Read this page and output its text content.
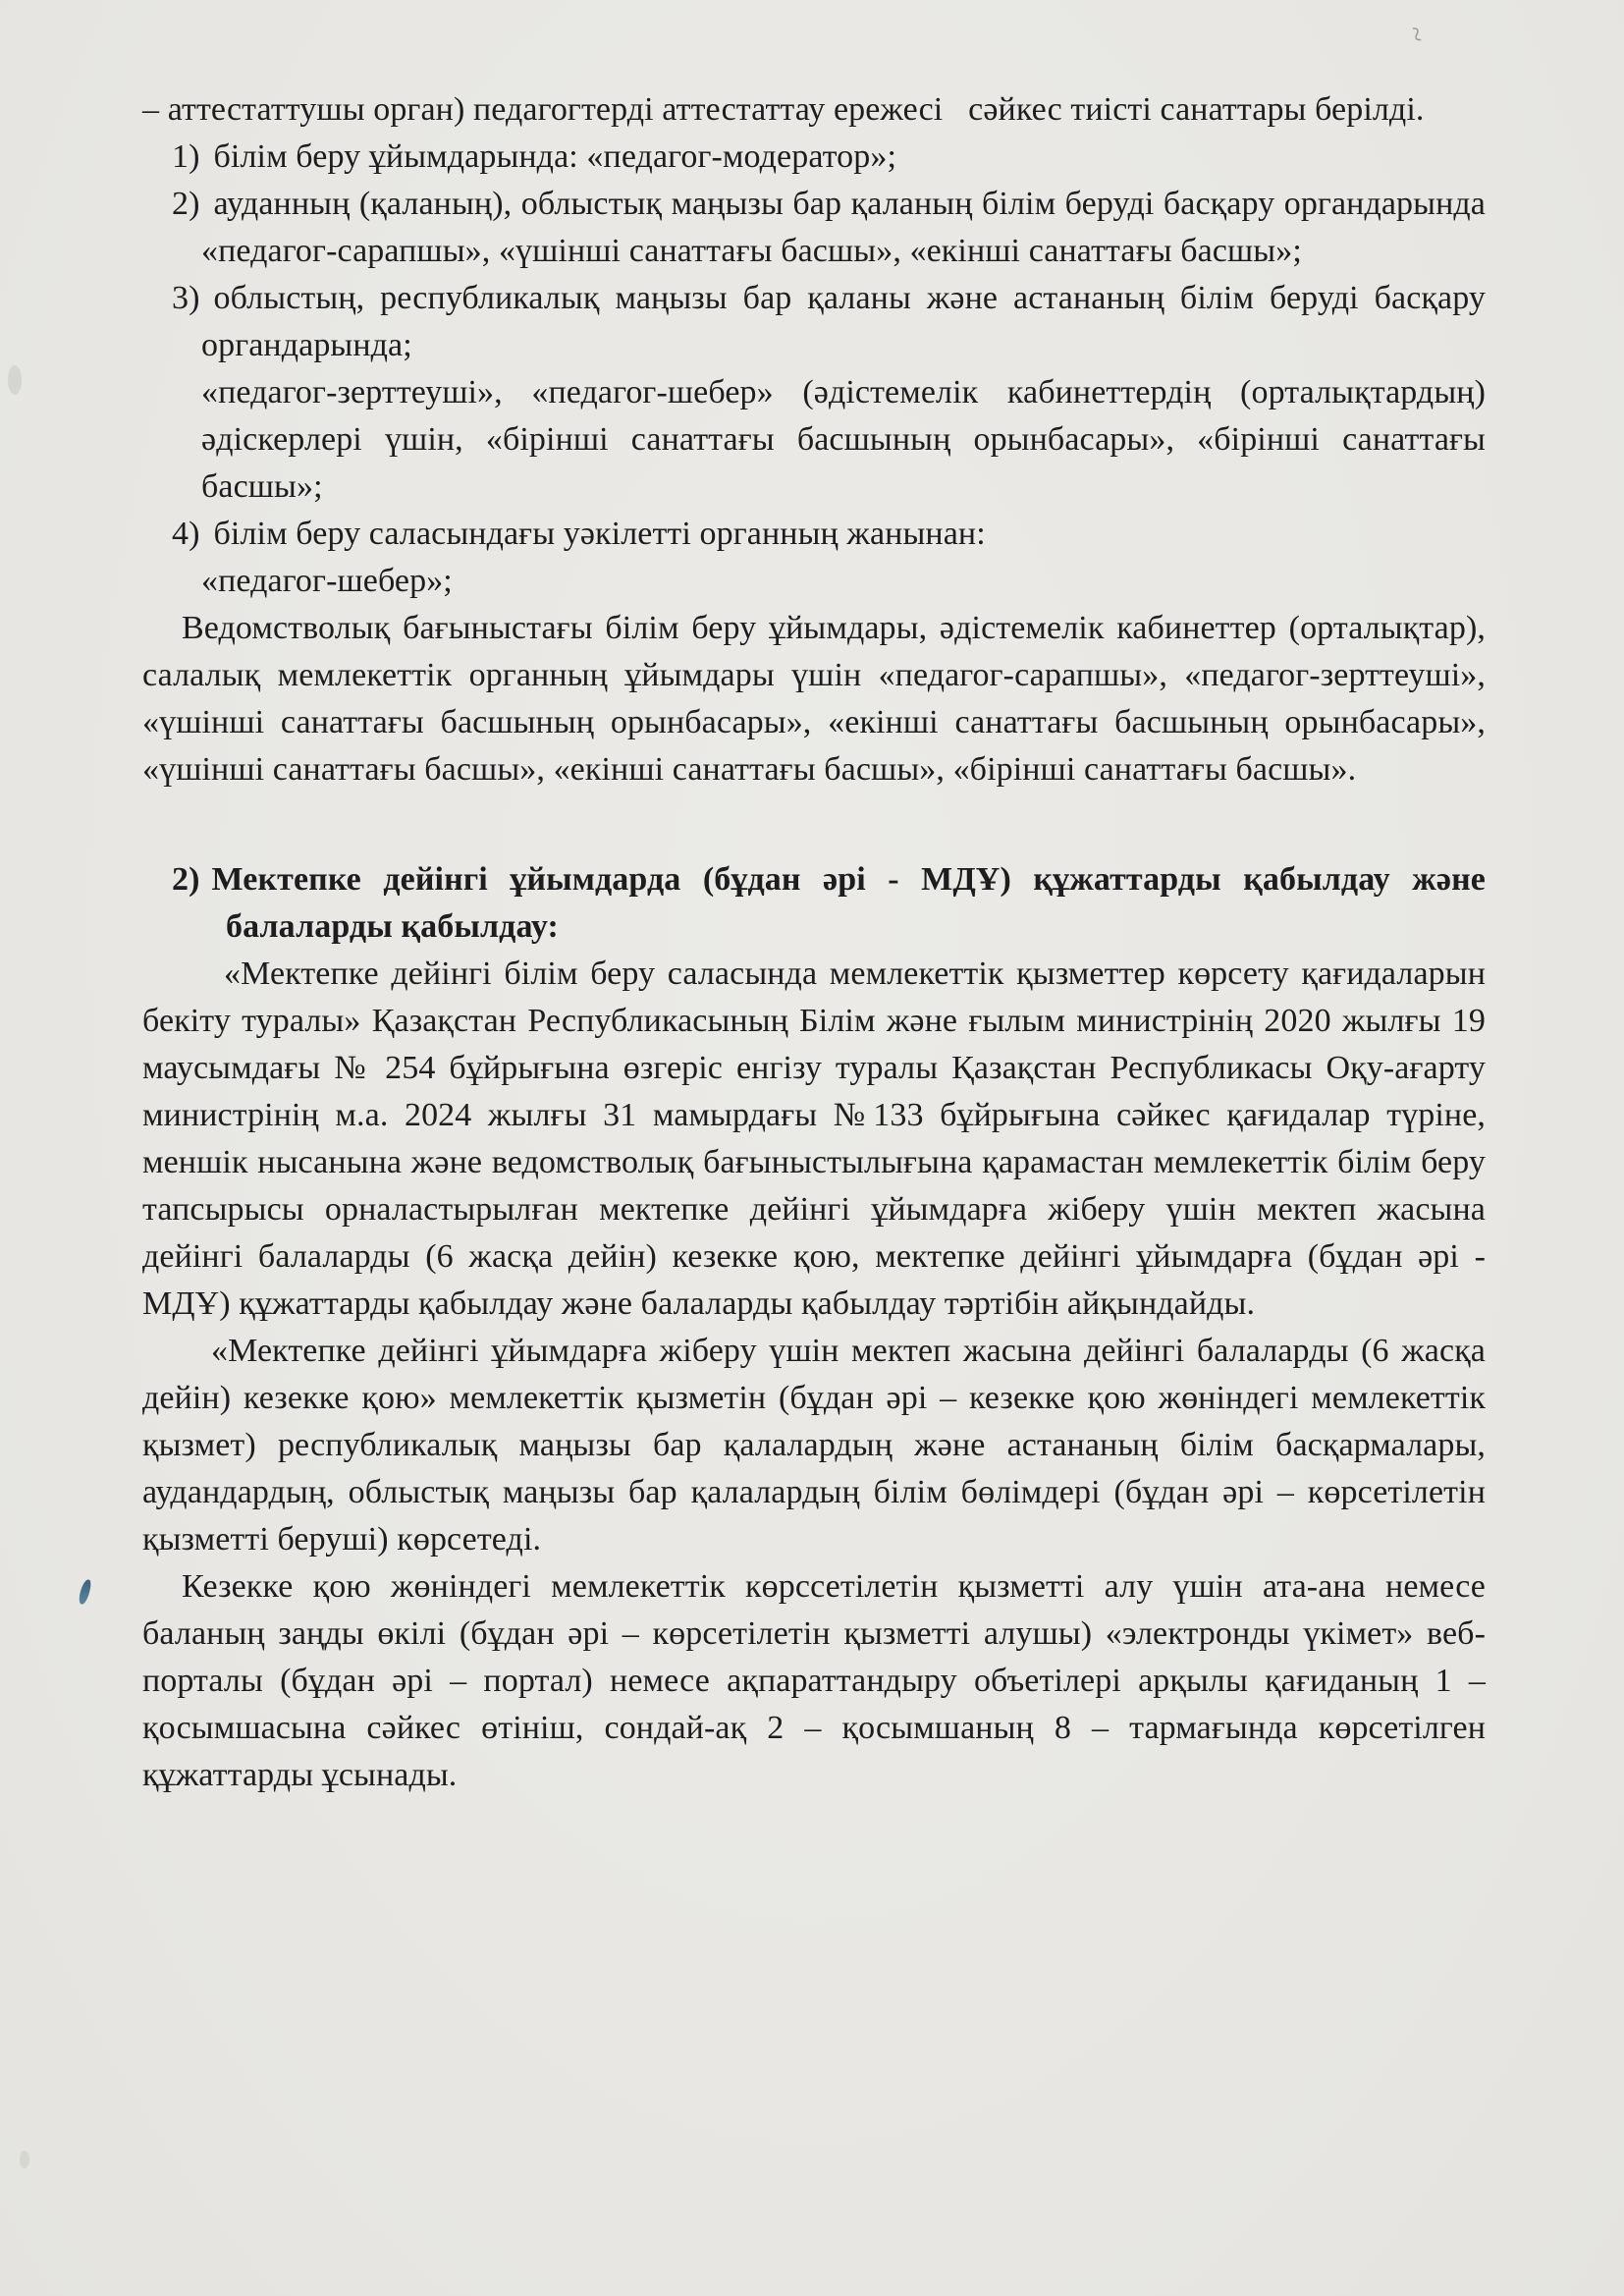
~

– аттестаттушы орган) педагогтерді аттестаттау ережесі   сәйкес тиісті санаттары берілді.

1) білім беру ұйымдарында: «педагог-модератор»;
2) ауданның (қаланың), облыстық маңызы бар қаланың білім беруді басқару органдарында «педагог-сарапшы», «үшінші санаттағы басшы», «екінші санаттағы басшы»;
3) облыстың, республикалық маңызы бар қаланы және астананың білім беруді басқару органдарында;
«педагог-зерттеуші», «педагог-шебер» (әдістемелік кабинеттердің (орталықтардың) әдіскерлері үшін, «бірінші санаттағы басшының орынбасары», «бірінші санаттағы басшы»;
4) білім беру саласындағы уәкілетті органның жанынан:
«педагог-шебер»;

Ведомстволық бағыныстағы білім беру ұйымдары, әдістемелік кабинеттер (орталықтар), салалық мемлекеттік органның ұйымдары үшін «педагог-сарапшы», «педагог-зерттеуші», «үшінші санаттағы басшының орынбасары», «екінші санаттағы басшының орынбасары», «үшінші санаттағы басшы», «екінші санаттағы басшы», «бірінші санаттағы басшы».

2) Мектепке дейінгі ұйымдарда (бұдан әрі - МДҰ) құжаттарды қабылдау және балаларды қабылдау:

«Мектепке дейінгі білім беру саласында мемлекеттік қызметтер көрсету қағидаларын бекіту туралы» Қазақстан Республикасының Білім және ғылым министрінің 2020 жылғы 19 маусымдағы № 254 бұйрығына өзгеріс енгізу туралы Қазақстан Республикасы Оқу-ағарту министрінің м.а. 2024 жылғы 31 мамырдағы №133 бұйрығына сәйкес қағидалар түріне, меншік нысанына және ведомстволық бағыныстылығына қарамастан мемлекеттік білім беру тапсырысы орналастырылған мектепке дейінгі ұйымдарға жіберу үшін мектеп жасына дейінгі балаларды (6 жасқа дейін) кезекке қою, мектепке дейінгі ұйымдарға (бұдан әрі - МДҰ) құжаттарды қабылдау және балаларды қабылдау тәртібін айқындайды.

«Мектепке дейінгі ұйымдарға жіберу үшін мектеп жасына дейінгі балаларды (6 жасқа дейін) кезекке қою» мемлекеттік қызметін (бұдан әрі – кезекке қою жөніндегі мемлекеттік қызмет) республикалық маңызы бар қалалардың және астананың білім басқармалары, аудандардың, облыстық маңызы бар қалалардың білім бөлімдері (бұдан әрі – көрсетілетін қызметті беруші) көрсетеді.

Кезекке қою жөніндегі мемлекеттік көрссетілетін қызметті алу үшін ата-ана немесе баланың заңды өкілі (бұдан әрі – көрсетілетін қызметті алушы) «электронды үкімет» веб-порталы (бұдан әрі – портал) немесе ақпараттандыру объетілері арқылы қағиданың 1 – қосымшасына сәйкес өтініш, сондай-ақ 2 – қосымшаның 8 – тармағында көрсетілген құжаттарды ұсынады.
